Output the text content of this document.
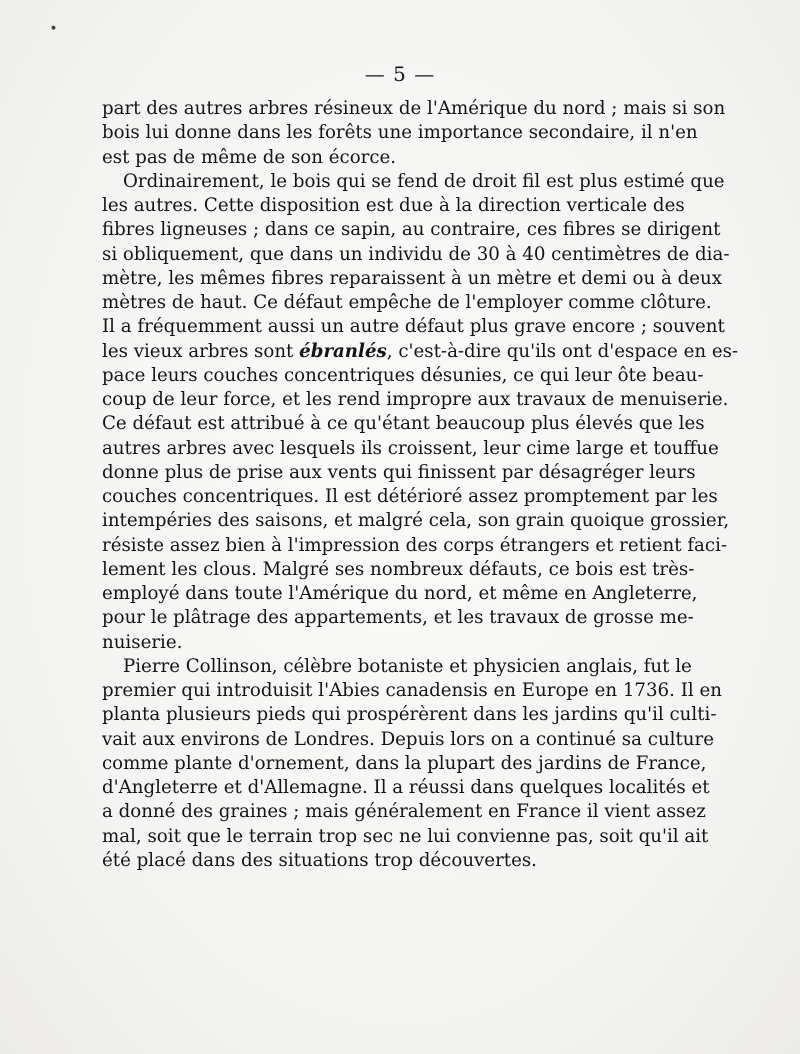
•
— 5 —
part des autres arbres résineux de l'Amérique du nord ; mais si son
bois lui donne dans les forêts une importance secondaire, il n'en
est pas de même de son écorce.
Ordinairement, le bois qui se fend de droit fil est plus estimé que
les autres. Cette disposition est due à la direction verticale des
fibres ligneuses ; dans ce sapin, au contraire, ces fibres se dirigent
si obliquement, que dans un individu de 30 à 40 centimètres de dia-
mètre, les mêmes fibres reparaissent à un mètre et demi ou à deux
mètres de haut. Ce défaut empêche de l'employer comme clôture.
Il a fréquemment aussi un autre défaut plus grave encore ; souvent
les vieux arbres sont ébranlés, c'est-à-dire qu'ils ont d'espace en es-
pace leurs couches concentriques désunies, ce qui leur ôte beau-
coup de leur force, et les rend impropre aux travaux de menuiserie.
Ce défaut est attribué à ce qu'étant beaucoup plus élevés que les
autres arbres avec lesquels ils croissent, leur cime large et touffue
donne plus de prise aux vents qui finissent par désagréger leurs
couches concentriques. Il est détérioré assez promptement par les
intempéries des saisons, et malgré cela, son grain quoique grossier,
résiste assez bien à l'impression des corps étrangers et retient faci-
lement les clous. Malgré ses nombreux défauts, ce bois est très-
employé dans toute l'Amérique du nord, et même en Angleterre,
pour le plâtrage des appartements, et les travaux de grosse me-
nuiserie.
Pierre Collinson, célèbre botaniste et physicien anglais, fut le
premier qui introduisit l'Abies canadensis en Europe en 1736. Il en
planta plusieurs pieds qui prospérèrent dans les jardins qu'il culti-
vait aux environs de Londres. Depuis lors on a continué sa culture
comme plante d'ornement, dans la plupart des jardins de France,
d'Angleterre et d'Allemagne. Il a réussi dans quelques localités et
a donné des graines ; mais généralement en France il vient assez
mal, soit que le terrain trop sec ne lui convienne pas, soit qu'il ait
été placé dans des situations trop découvertes.
